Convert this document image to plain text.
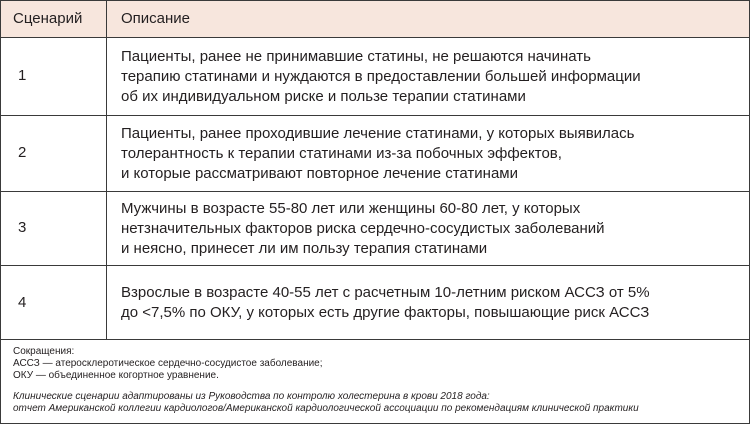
Сценарий	Описание
1
Пациенты, ранее не принимавшие статины, не решаются начинать
терапию статинами и нуждаются в предоставлении большей информации
об их индивидуальном риске и пользе терапии статинами
2
Пациенты, ранее проходившие лечение статинами, у которых выявилась
толерантность к терапии статинами из-за побочных эффектов,
и которые рассматривают повторное лечение статинами
3
Мужчины в возрасте 55-80 лет или женщины 60-80 лет, у которых
нетзначительных факторов риска сердечно-сосудистых заболеваний
и неясно, принесет ли им пользу терапия статинами
4
Взрослые в возрасте 40-55 лет с расчетным 10-летним риском АССЗ от 5%
до <7,5% по ОКУ, у которых есть другие факторы, повышающие риск АССЗ
Сокращения:
АССЗ — атеросклеротическое сердечно-сосудистое заболевание;
ОКУ — объединенное когортное уравнение.
Клинические сценарии адаптированы из Руководства по контролю холестерина в крови 2018 года:
отчет Американской коллегии кардиологов/Американской кардиологической ассоциации по рекомендациям клинической практики
